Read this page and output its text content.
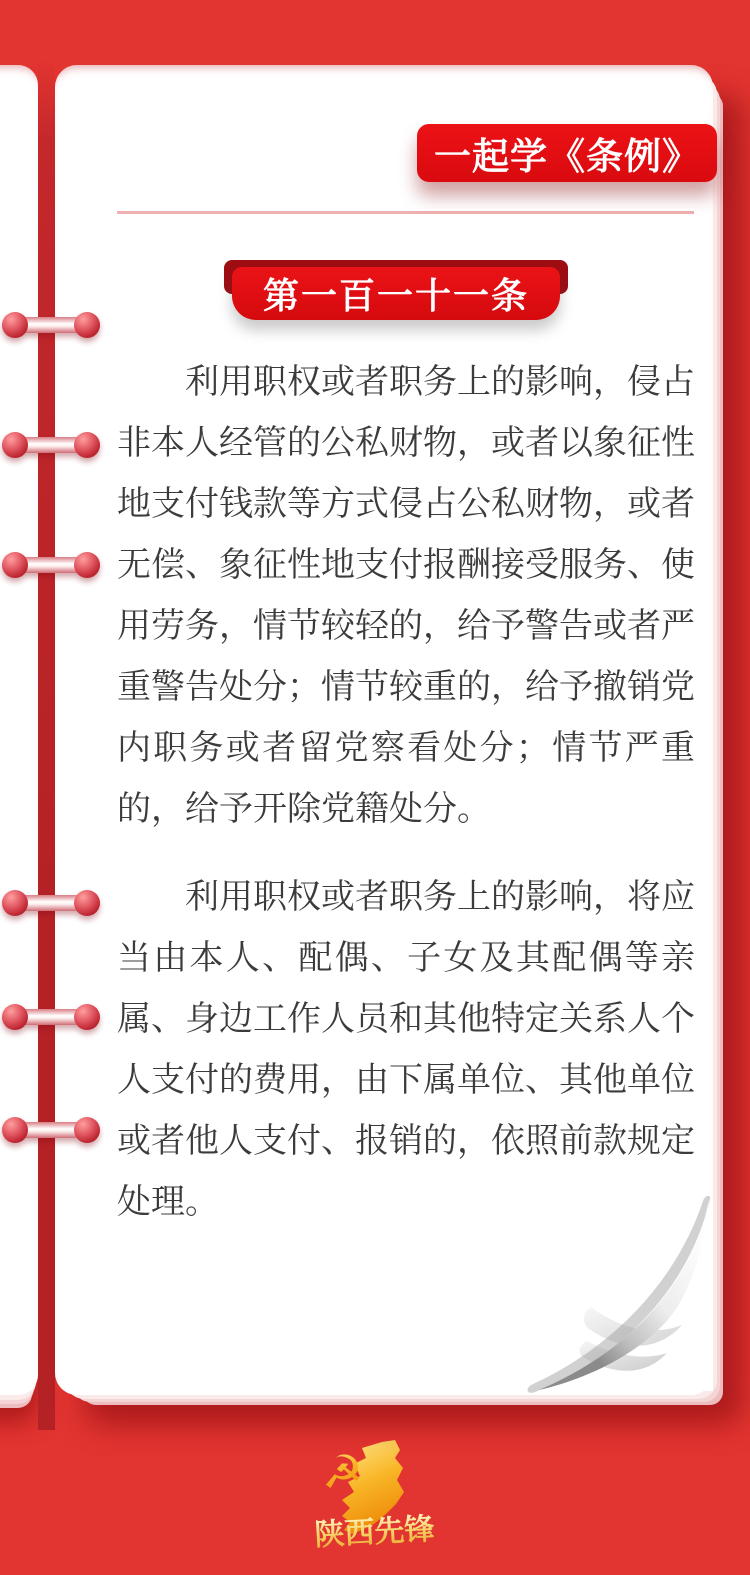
一起学《条例》
第一百一十一条

利用职权或者职务上的影响，侵占非本人经管的公私财物，或者以象征性地支付钱款等方式侵占公私财物，或者无偿、象征性地支付报酬接受服务、使用劳务，情节较轻的，给予警告或者严重警告处分；情节较重的，给予撤销党内职务或者留党察看处分；情节严重的，给予开除党籍处分。

利用职权或者职务上的影响，将应当由本人、配偶、子女及其配偶等亲属、身边工作人员和其他特定关系人个人支付的费用，由下属单位、其他单位或者他人支付、报销的，依照前款规定处理。

☭
陕西先锋
